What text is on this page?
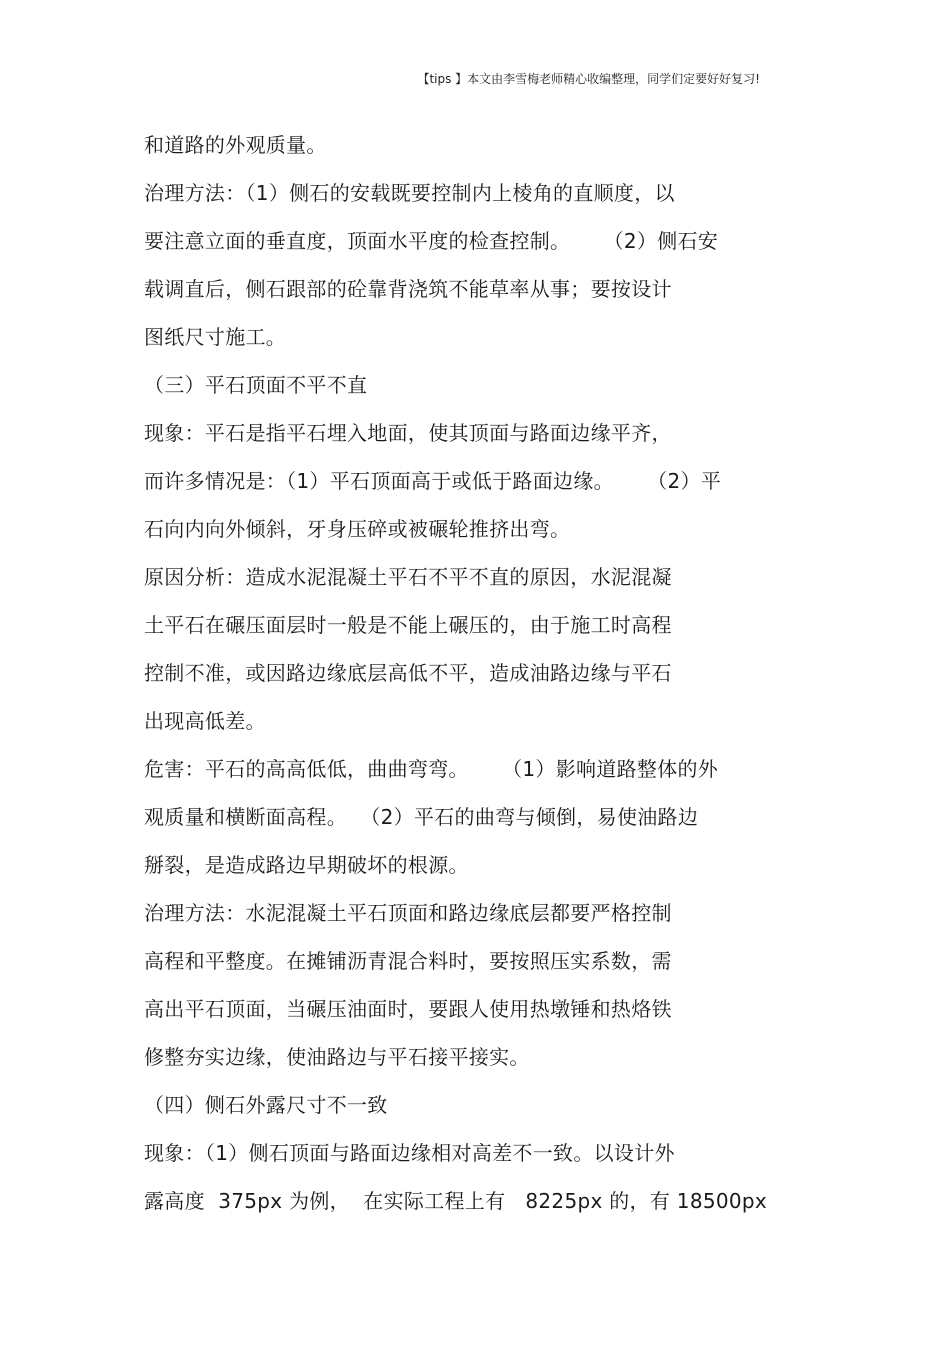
【tips 】本文由李雪梅老师精心收编整理，同学们定要好好复习!
和道路的外观质量。
治理方法：（1）侧石的安载既要控制内上棱角的直顺度，以
要注意立面的垂直度，顶面水平度的检查控制。     （2）侧石安
载调直后，侧石跟部的砼靠背浇筑不能草率从事；要按设计
图纸尺寸施工。
（三）平石顶面不平不直
现象：平石是指平石埋入地面，使其顶面与路面边缘平齐，
而许多情况是：（1）平石顶面高于或低于路面边缘。     （2）平
石向内向外倾斜，牙身压碎或被碾轮推挤出弯。
原因分析：造成水泥混凝土平石不平不直的原因，水泥混凝
土平石在碾压面层时一般是不能上碾压的，由于施工时高程
控制不准，或因路边缘底层高低不平，造成油路边缘与平石
出现高低差。
危害：平石的高高低低，曲曲弯弯。     （1）影响道路整体的外
观质量和横断面高程。  （2）平石的曲弯与倾倒，易使油路边
掰裂，是造成路边早期破坏的根源。
治理方法：水泥混凝土平石顶面和路边缘底层都要严格控制
高程和平整度。在摊铺沥青混合料时，要按照压实系数，需
高出平石顶面，当碾压油面时，要跟人使用热墩锤和热烙铁
修整夯实边缘，使油路边与平石接平接实。
（四）侧石外露尺寸不一致
现象：（1）侧石顶面与路面边缘相对高差不一致。以设计外
露高度  375px 为例，  在实际工程上有   8225px 的，有 18500px
